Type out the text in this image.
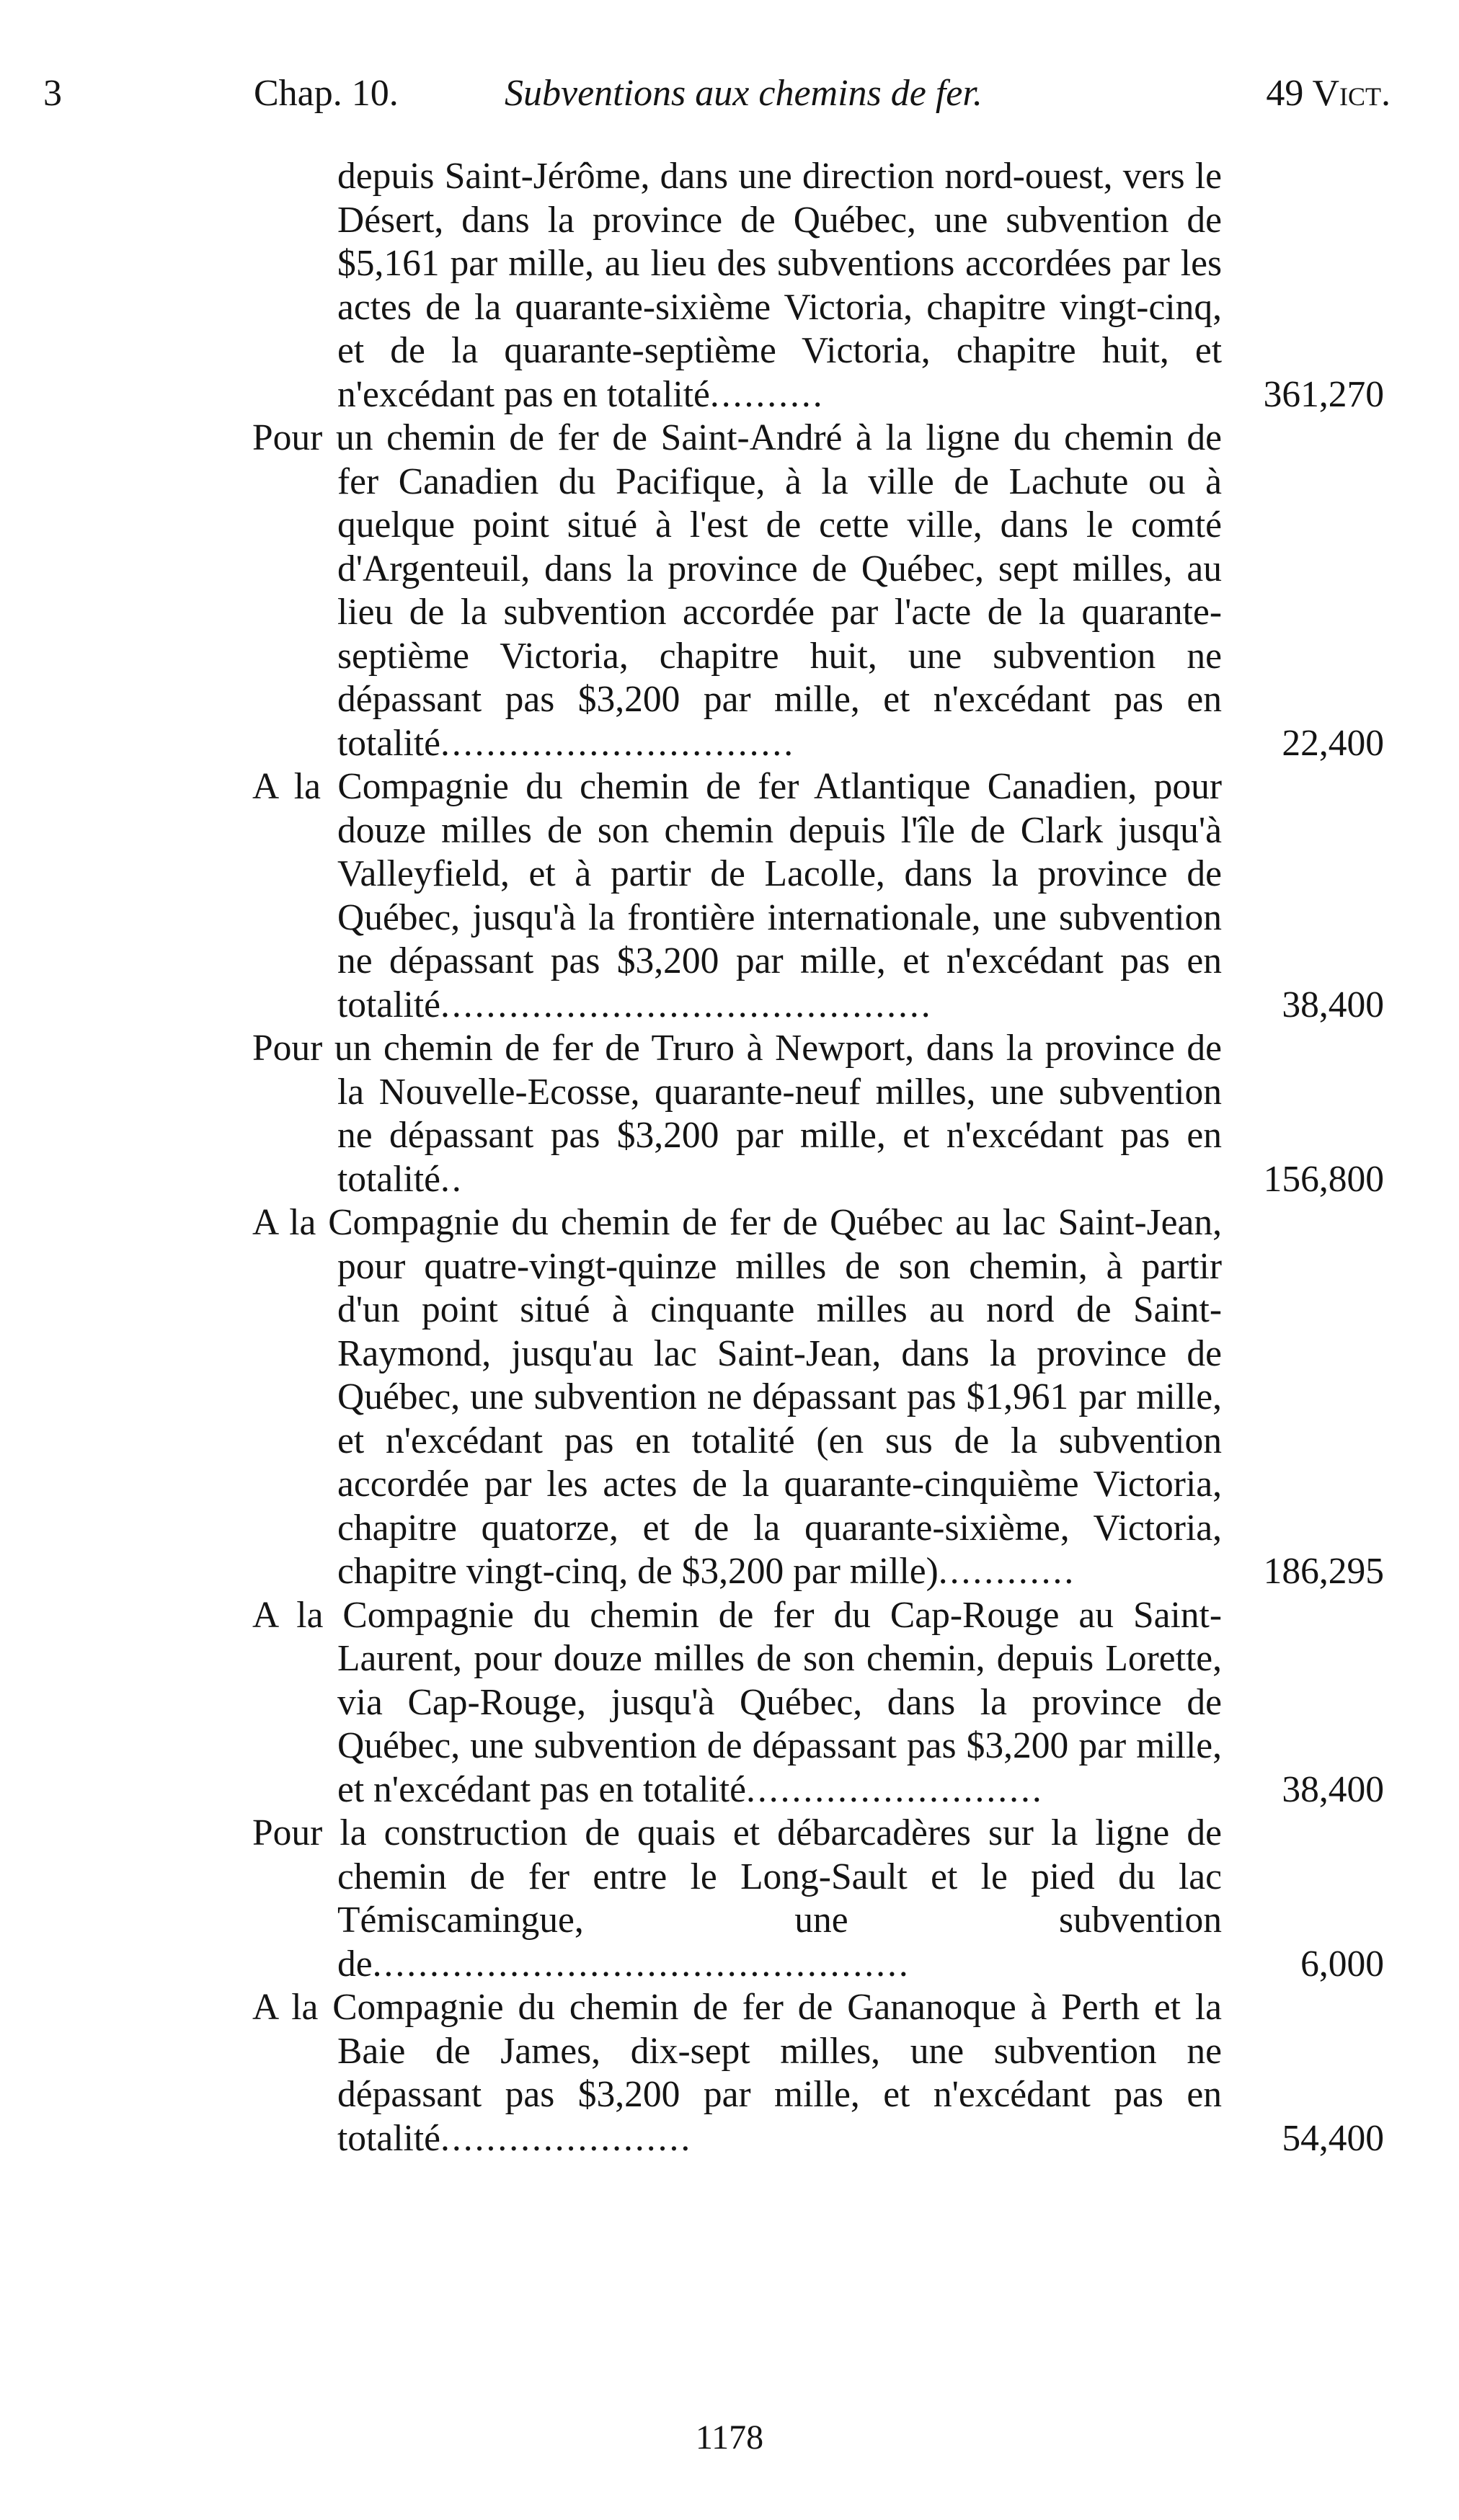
3	Chap. 10.	Subventions aux chemins de fer.	49 Vict.
depuis Saint-Jérôme, dans une direction nord-ouest, vers le Désert, dans la province de Québec, une subvention de $5,161 par mille, au lieu des subventions accordées par les actes de la quarante-sixième Victoria, chapitre vingt-cinq, et de la quarante-septième Victoria, chapitre huit, et n'excédant pas en totalité..........	361,270
Pour un chemin de fer de Saint-André à la ligne du chemin de fer Canadien du Pacifique, à la ville de Lachute ou à quelque point situé à l'est de cette ville, dans le comté d'Argenteuil, dans la province de Québec, sept milles, au lieu de la subvention accordée par l'acte de la quarante-septième Victoria, chapitre huit, une subvention ne dépassant pas $3,200 par mille, et n'excédant pas en totalité...............................	22,400
A la Compagnie du chemin de fer Atlantique Canadien, pour douze milles de son chemin depuis l'île de Clark jusqu'à Valleyfield, et à partir de Lacolle, dans la province de Québec, jusqu'à la frontière internationale, une subvention ne dépassant pas $3,200 par mille, et n'excédant pas en totalité...........................................	38,400
Pour un chemin de fer de Truro à Newport, dans la province de la Nouvelle-Ecosse, quarante-neuf milles, une subvention ne dépassant pas $3,200 par mille, et n'excédant pas en totalité..	156,800
A la Compagnie du chemin de fer de Québec au lac Saint-Jean, pour quatre-vingt-quinze milles de son chemin, à partir d'un point situé à cinquante milles au nord de Saint-Raymond, jusqu'au lac Saint-Jean, dans la province de Québec, une subvention ne dépassant pas $1,961 par mille, et n'excédant pas en totalité (en sus de la subvention accordée par les actes de la quarante-cinquième Victoria, chapitre quatorze, et de la quarante-sixième, Victoria, chapitre vingt-cinq, de $3,200 par mille)............	186,295
A la Compagnie du chemin de fer du Cap-Rouge au Saint-Laurent, pour douze milles de son chemin, depuis Lorette, via Cap-Rouge, jusqu'à Québec, dans la province de Québec, une subvention de dépassant pas $3,200 par mille, et n'excédant pas en totalité..........................	38,400
Pour la construction de quais et débarcadères sur la ligne de chemin de fer entre le Long-Sault et le pied du lac Témiscamingue, une subvention de...............................................	6,000
A la Compagnie du chemin de fer de Gananoque à Perth et la Baie de James, dix-sept milles, une subvention ne dépassant pas $3,200 par mille, et n'excédant pas en totalité......................	54,400
1178
